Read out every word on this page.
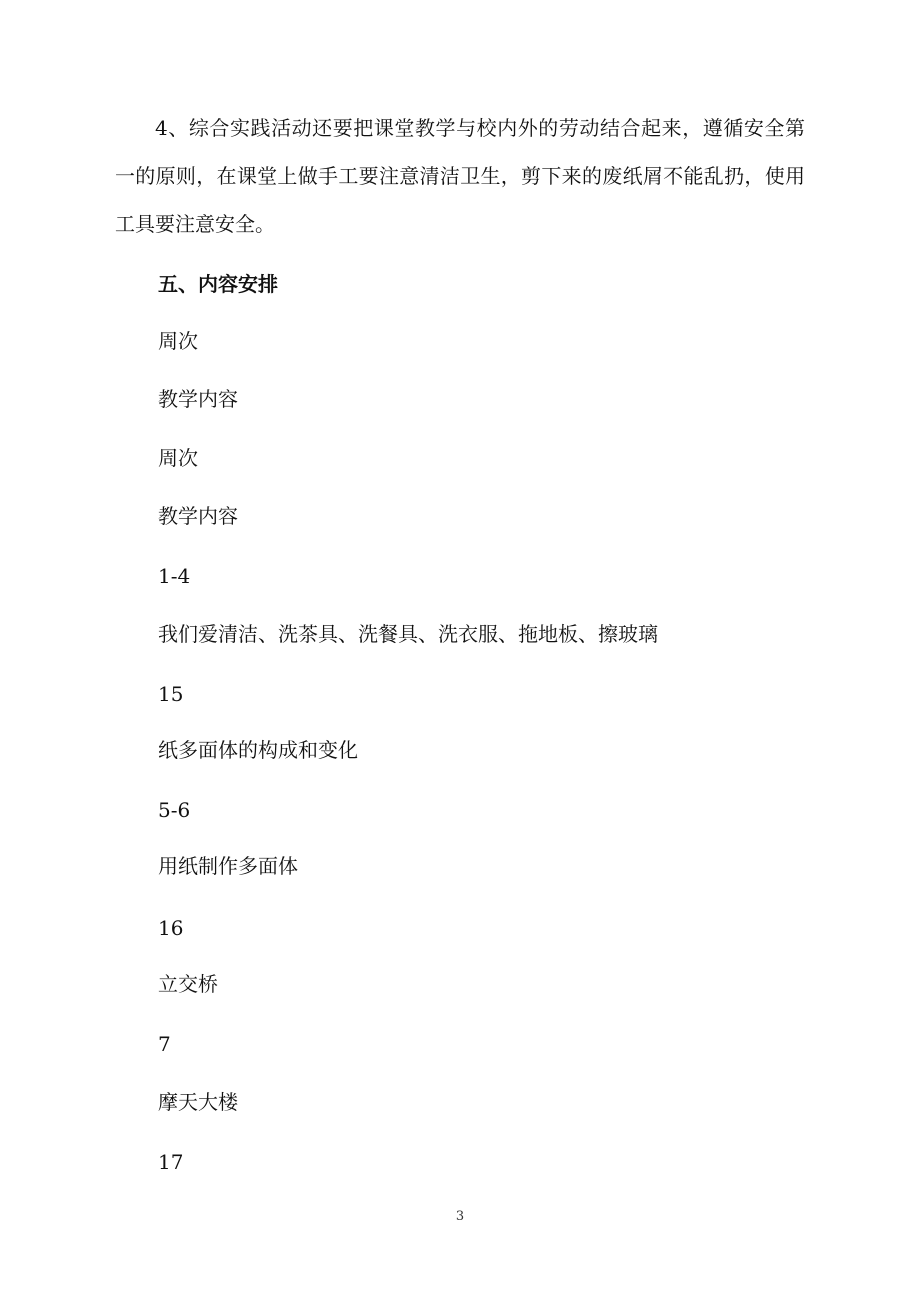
4、综合实践活动还要把课堂教学与校内外的劳动结合起来，遵循安全第一的原则，在课堂上做手工要注意清洁卫生，剪下来的废纸屑不能乱扔，使用工具要注意安全。

五、内容安排

周次

教学内容

周次

教学内容

1-4

我们爱清洁、洗茶具、洗餐具、洗衣服、拖地板、擦玻璃

15

纸多面体的构成和变化

5-6

用纸制作多面体

16

立交桥

7

摩天大楼

17

3
